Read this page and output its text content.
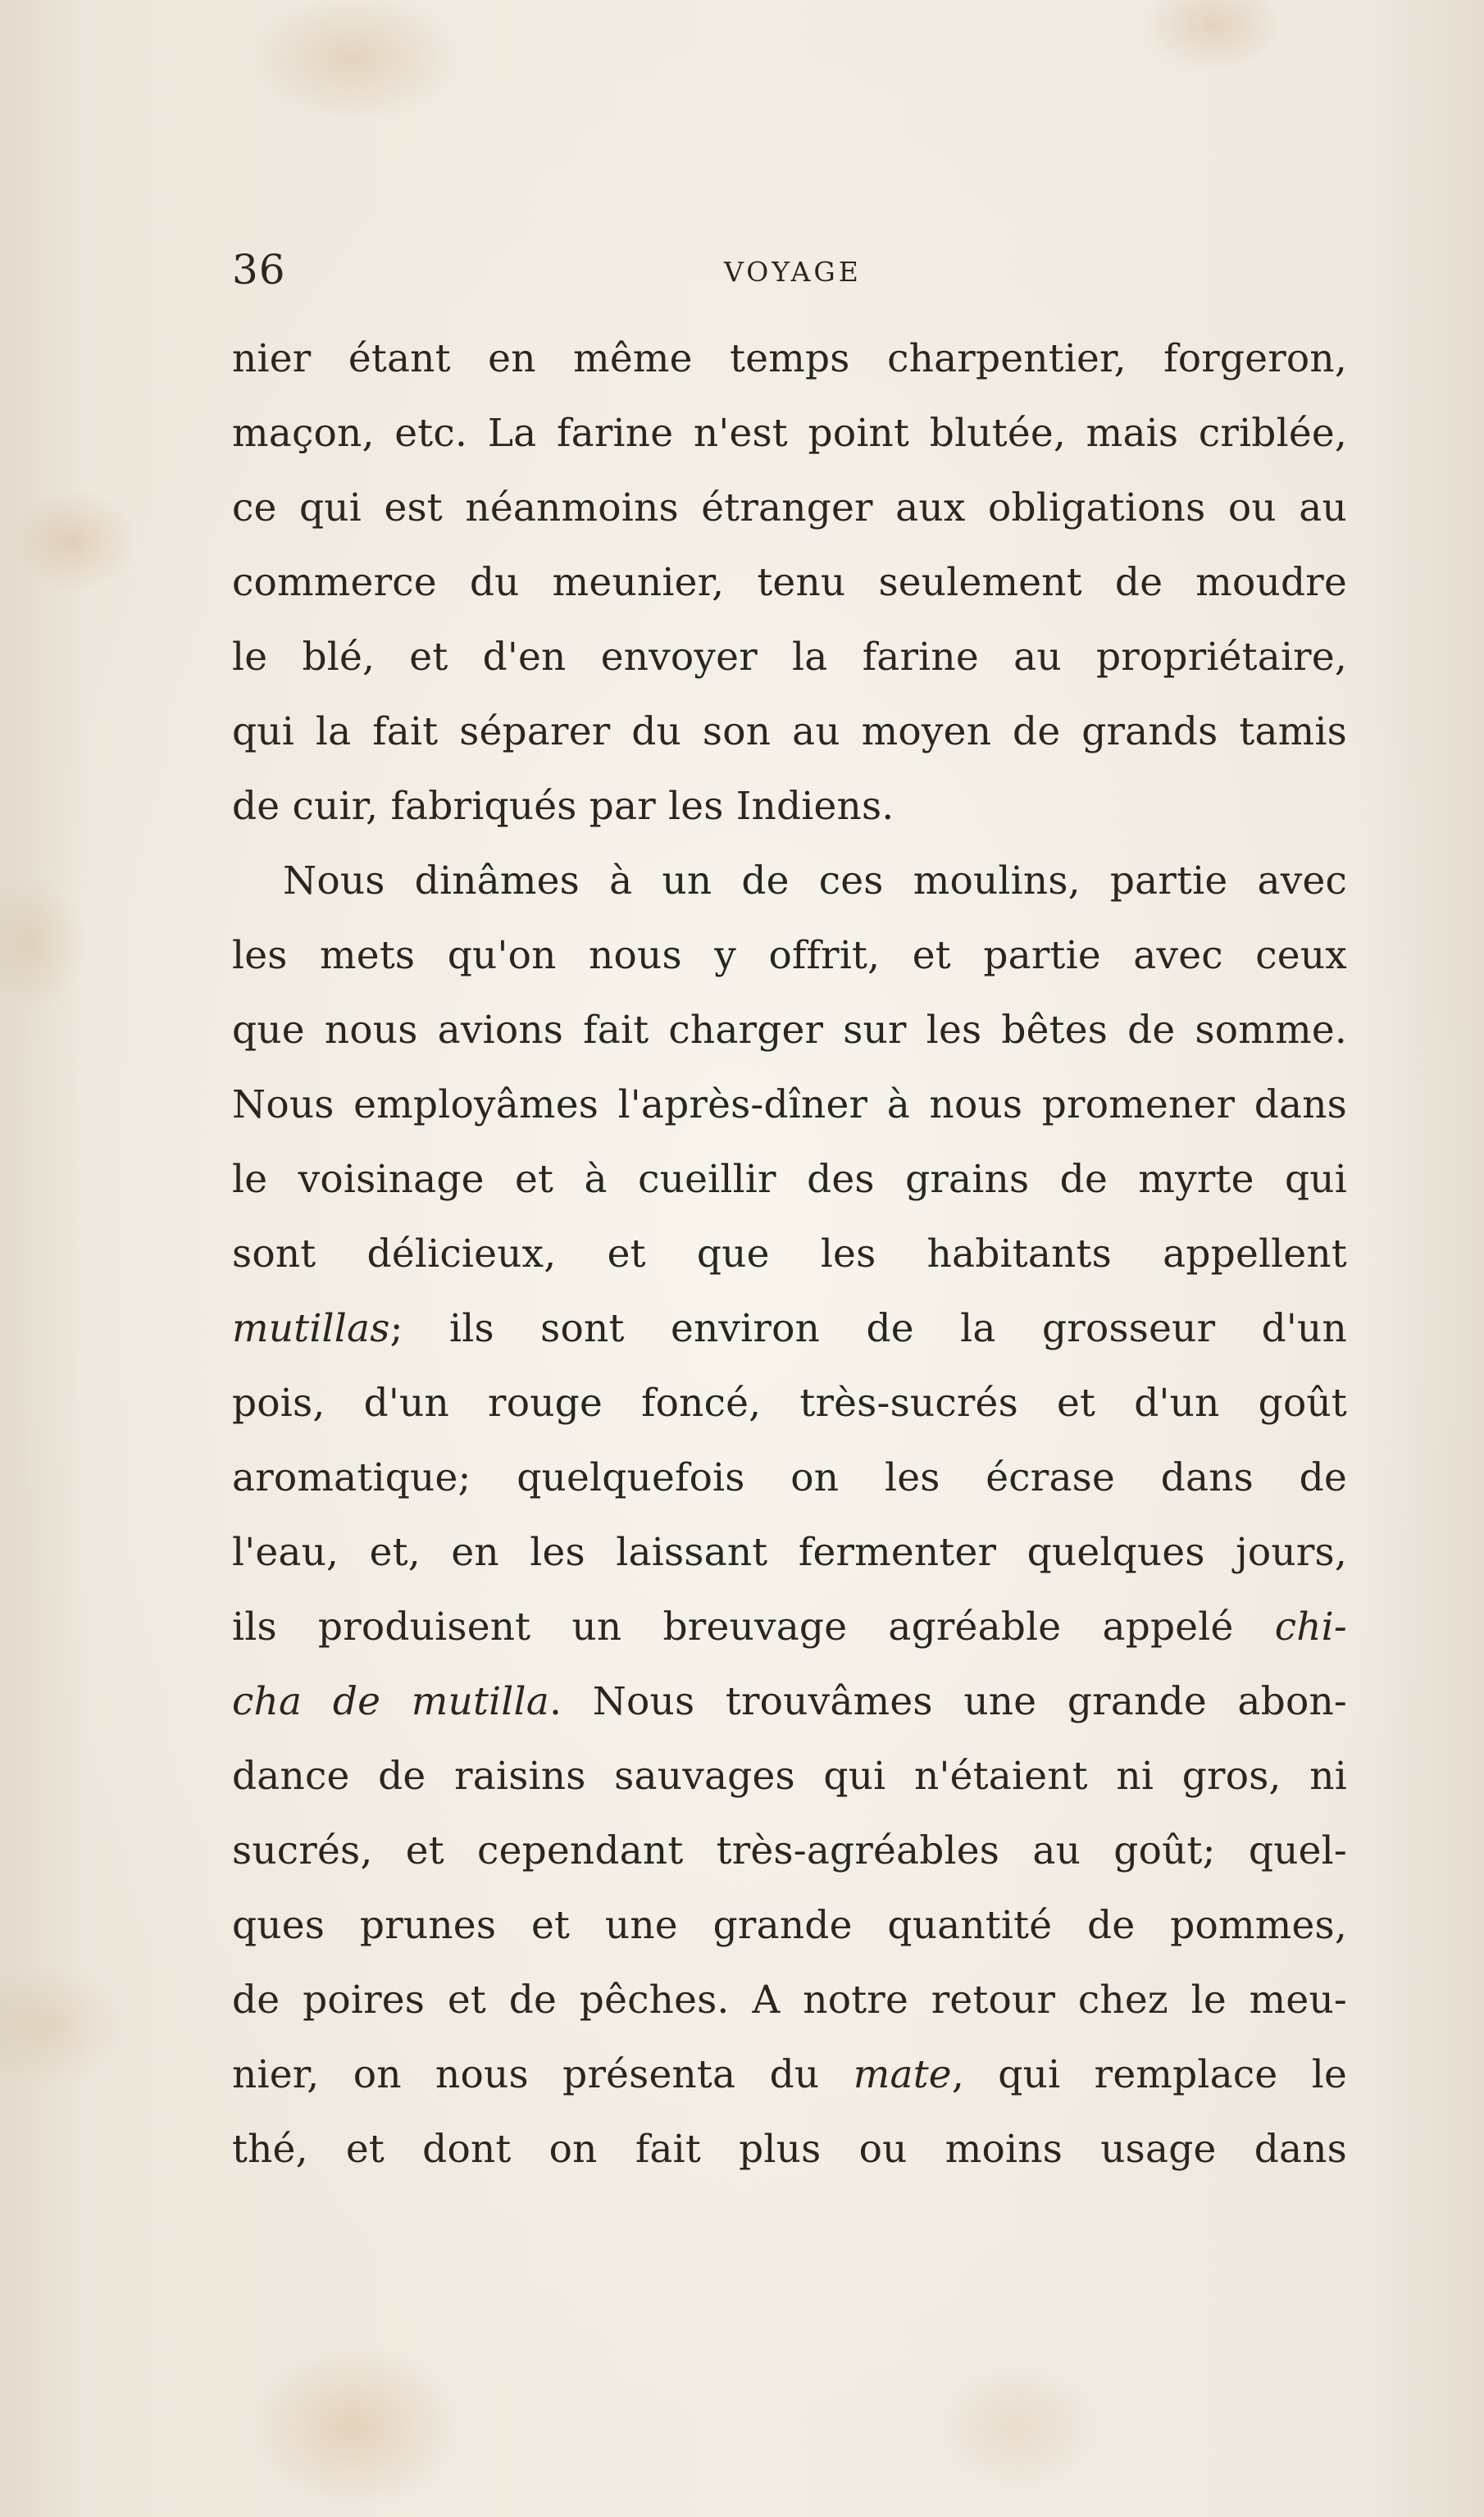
36	VOYAGE
nier étant en même temps charpentier, forgeron,
maçon, etc. La farine n'est point blutée, mais criblée,
ce qui est néanmoins étranger aux obligations ou au
commerce du meunier, tenu seulement de moudre
le blé, et d'en envoyer la farine au propriétaire,
qui la fait séparer du son au moyen de grands tamis
de cuir, fabriqués par les Indiens.
Nous dinâmes à un de ces moulins, partie avec
les mets qu'on nous y offrit, et partie avec ceux
que nous avions fait charger sur les bêtes de somme.
Nous employâmes l'après-dîner à nous promener dans
le voisinage et à cueillir des grains de myrte qui
sont délicieux, et que les habitants appellent
mutillas; ils sont environ de la grosseur d'un
pois, d'un rouge foncé, très-sucrés et d'un goût
aromatique; quelquefois on les écrase dans de
l'eau, et, en les laissant fermenter quelques jours,
ils produisent un breuvage agréable appelé chi-
cha de mutilla. Nous trouvâmes une grande abon-
dance de raisins sauvages qui n'étaient ni gros, ni
sucrés, et cependant très-agréables au goût; quel-
ques prunes et une grande quantité de pommes,
de poires et de pêches. A notre retour chez le meu-
nier, on nous présenta du mate, qui remplace le
thé, et dont on fait plus ou moins usage dans
